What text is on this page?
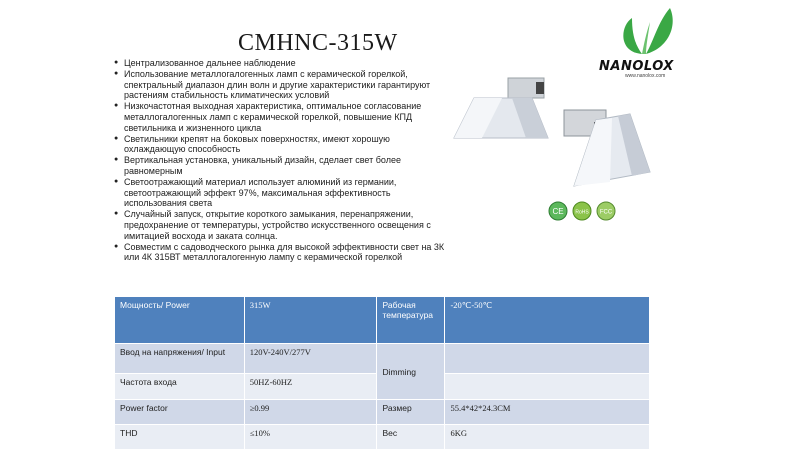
CMHNC-315W
● Централизованное дальнее наблюдение
● Использование металлогалогенных ламп с керамической горелкой, спектральный диапазон длин волн и другие характеристики гарантируют растениям стабильность климатических условий
● Низкочастотная выходная характеристика, оптимальное согласование металлогалогенных ламп с керамической горелкой, повышение КПД светильника и жизненного цикла
● Светильники крепят на боковых поверхностях, имеют хорошую охлаждающую способность
● Вертикальная установка, уникальный дизайн, сделает свет более равномерным
● Светоотражающий материал использует алюминий из германии, светоотражающий эффект 97%, максимальная эффективность использования света
● Случайный запуск, открытие короткого замыкания, перенапряжении, предохранение от температуры, устройство искусственного освещения с имитацией восхода и заката солнца.
● Совместим с садоводческого рынка для высокой эффективности свет на 3К или 4К 315ВТ металлогалогенную лампу с керамической горелкой
NANOLOX
www.nanolox.com
CE RoHS FCC
Мощность/ Power	315W	Рабочая температура	-20℃-50℃
Ввод на напряжения/ Input	120V-240V/277V	Dimming	
Частота входа	50HZ-60HZ		
Power factor	≥0.99	Размер	55.4*42*24.3CM
THD	≤10%	Вес	6KG
